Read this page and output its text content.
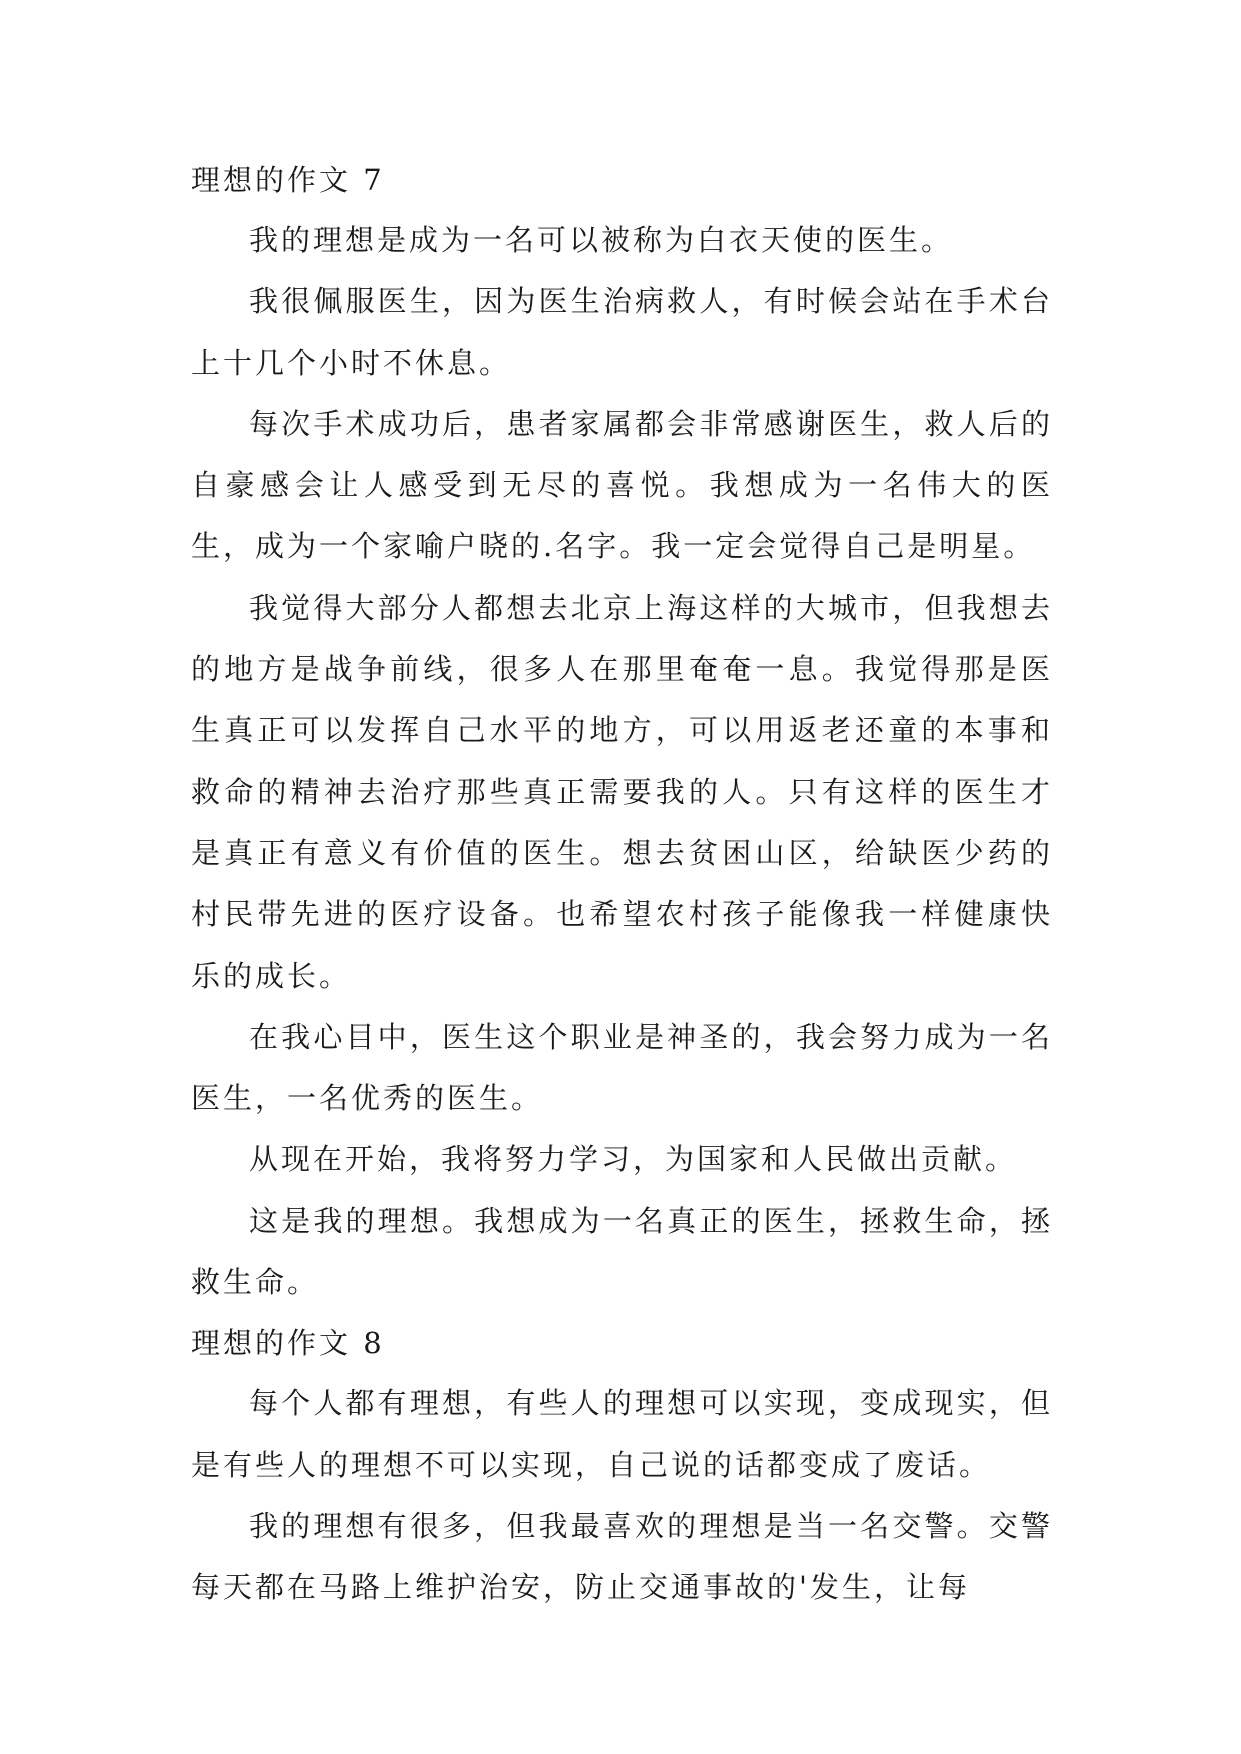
理想的作文 7

我的理想是成为一名可以被称为白衣天使的医生。

我很佩服医生，因为医生治病救人，有时候会站在手术台上十几个小时不休息。

每次手术成功后，患者家属都会非常感谢医生，救人后的自豪感会让人感受到无尽的喜悦。我想成为一名伟大的医生，成为一个家喻户晓的.名字。我一定会觉得自己是明星。

我觉得大部分人都想去北京上海这样的大城市，但我想去的地方是战争前线，很多人在那里奄奄一息。我觉得那是医生真正可以发挥自己水平的地方，可以用返老还童的本事和救命的精神去治疗那些真正需要我的人。只有这样的医生才是真正有意义有价值的医生。想去贫困山区，给缺医少药的村民带先进的医疗设备。也希望农村孩子能像我一样健康快乐的成长。

在我心目中，医生这个职业是神圣的，我会努力成为一名医生，一名优秀的医生。

从现在开始，我将努力学习，为国家和人民做出贡献。

这是我的理想。我想成为一名真正的医生，拯救生命，拯救生命。

理想的作文 8

每个人都有理想，有些人的理想可以实现，变成现实，但是有些人的理想不可以实现，自己说的话都变成了废话。

我的理想有很多，但我最喜欢的理想是当一名交警。交警每天都在马路上维护治安，防止交通事故的'发生，让每
